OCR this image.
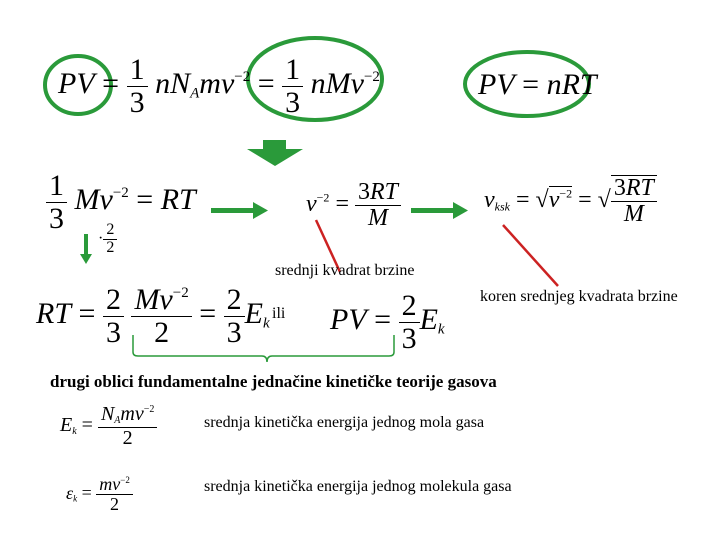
PV = $\frac{1}{3} nN_Amv^{-2} = \frac{1}{3} nMv^{-2}$	PV = nRT
$\frac{1}{3} Mv^{-2}$ = RT
· $\frac{2}{2}$
$v^{-2} = \frac{3RT}{M}$	$v_{ksk} = √v^{-2}$ = √ $\frac{3RT}{M}$
srednji kvadrat brzine
koren srednjeg kvadrata brzine
RT = $\frac{2}{3}$
$\frac{Mv^{-2}}{2} = \frac{2}{3} E_k$
ili PV = $\frac{2}{3} E_k$
drugi oblici fundamentalne jednačine kinetičke teorije gasova
$E_k = \frac{N_Amv^{-2}}{2}$	srednja kinetička energija jednog mola gasa
$\varepsilon_k = \frac{mv^{-2}}{2}$	srednja kinetička energija jednog molekula gasa
